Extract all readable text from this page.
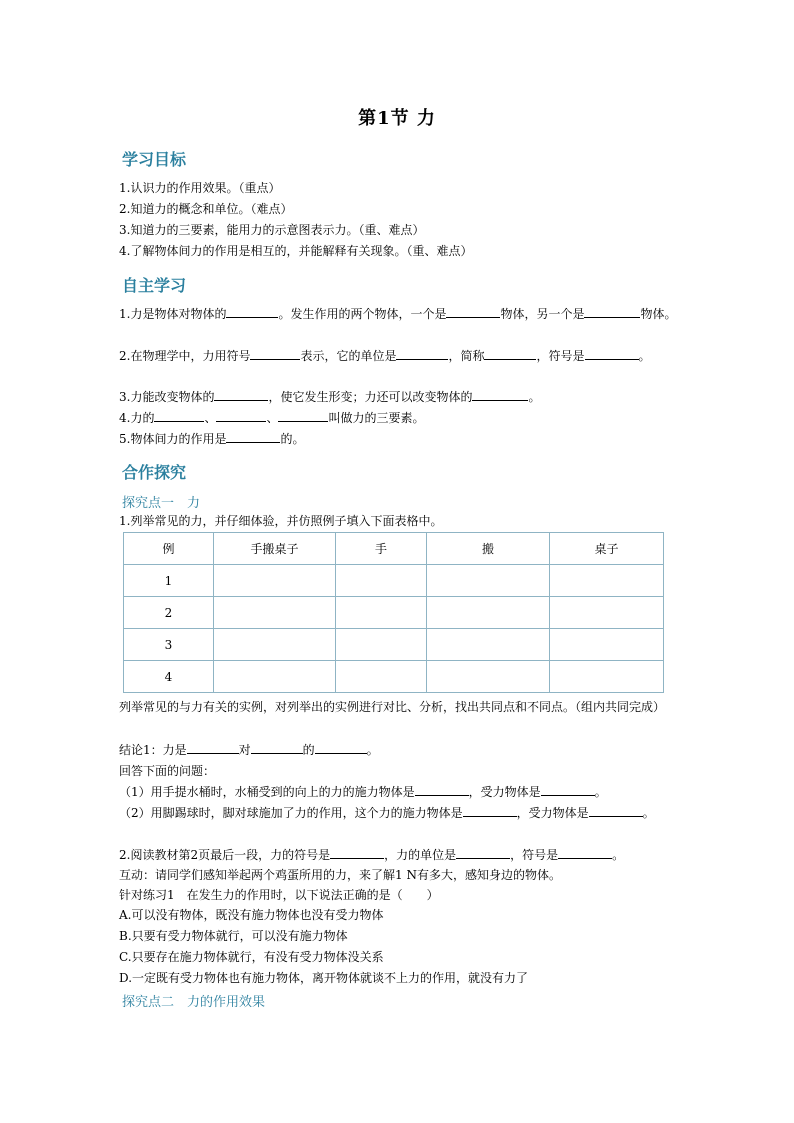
第1节 力
学习目标
1.认识力的作用效果。（重点）
2.知道力的概念和单位。（难点）
3.知道力的三要素，能用力的示意图表示力。（重、难点）
4.了解物体间力的作用是相互的，并能解释有关现象。（重、难点）
自主学习
1.力是物体对物体的	。发生作用的两个物体，一个是	物体，另一个是	物体。
2.在物理学中，力用符号	表示，它的单位是	，简称	，符号是	。
3.力能改变物体的	，使它发生形变；力还可以改变物体的	。
4.力的	、	、	叫做力的三要素。
5.物体间力的作用是	的。
合作探究
探究点一　力
1.列举常见的力，并仔细体验，并仿照例子填入下面表格中。
例	手搬桌子	手	搬	桌子
1				
2				
3				
4				
列举常见的与力有关的实例，对列举出的实例进行对比、分析，找出共同点和不同点。（组内共同完成）
结论1：力是	对	的	。
回答下面的问题：
（1）用手提水桶时，水桶受到的向上的力的施力物体是	，受力物体是	。
（2）用脚踢球时，脚对球施加了力的作用，这个力的施力物体是	，受力物体是	。
2.阅读教材第2页最后一段，力的符号是	，力的单位是	，符号是	。
互动：请同学们感知举起两个鸡蛋所用的力，来了解1 N有多大，感知身边的物体。
针对练习1　在发生力的作用时，以下说法正确的是（　　）
A.可以没有物体，既没有施力物体也没有受力物体
B.只要有受力物体就行，可以没有施力物体
C.只要存在施力物体就行，有没有受力物体没关系
D.一定既有受力物体也有施力物体，离开物体就谈不上力的作用，就没有力了
探究点二　力的作用效果
